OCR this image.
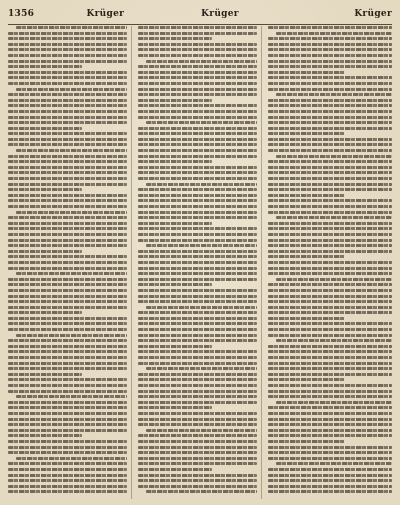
1356	Krüger	Krüger	Krüger
